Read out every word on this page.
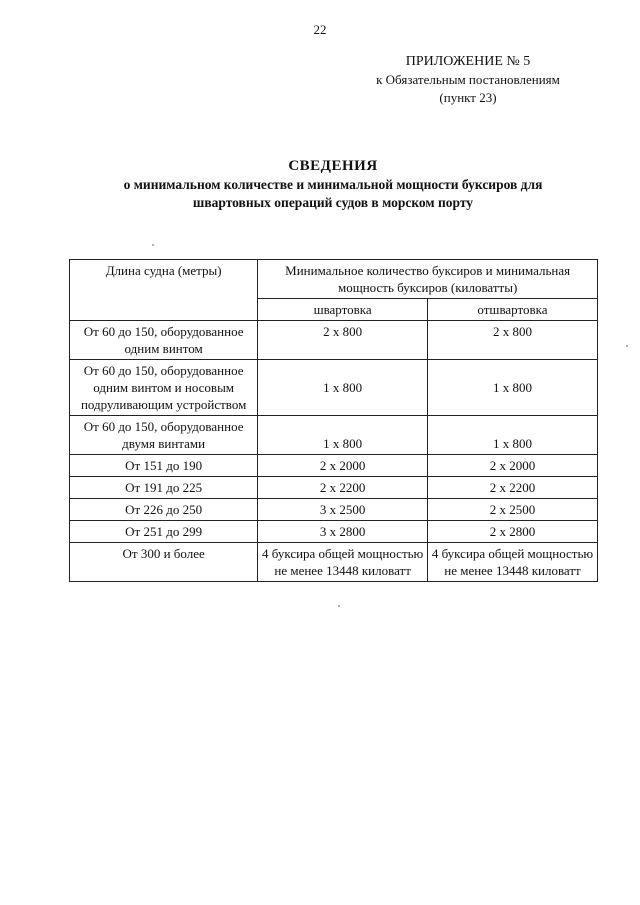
22
ПРИЛОЖЕНИЕ № 5
к Обязательным постановлениям
(пункт 23)
СВЕДЕНИЯ
о минимальном количестве и минимальной мощности буксиров для
швартовных операций судов в морском порту
Длина судна (метры)	Минимальное количество буксиров и минимальная мощность буксиров (киловатты)	
	швартовка	отшвартовка
От 60 до 150, оборудованное одним винтом	2 x 800	2 x 800
От 60 до 150, оборудованное одним винтом и носовым подруливающим устройством	1 x 800	1 x 800
От 60 до 150, оборудованное двумя винтами	1 x 800	1 x 800
От 151 до 190	2 x 2000	2 x 2000
От 191 до 225	2 x 2200	2 x 2200
От 226 до 250	3 x 2500	2 x 2500
От 251 до 299	3 x 2800	2 x 2800
От 300 и более	4 буксира общей мощностью не менее 13448 киловатт	4 буксира общей мощностью не менее 13448 киловатт
